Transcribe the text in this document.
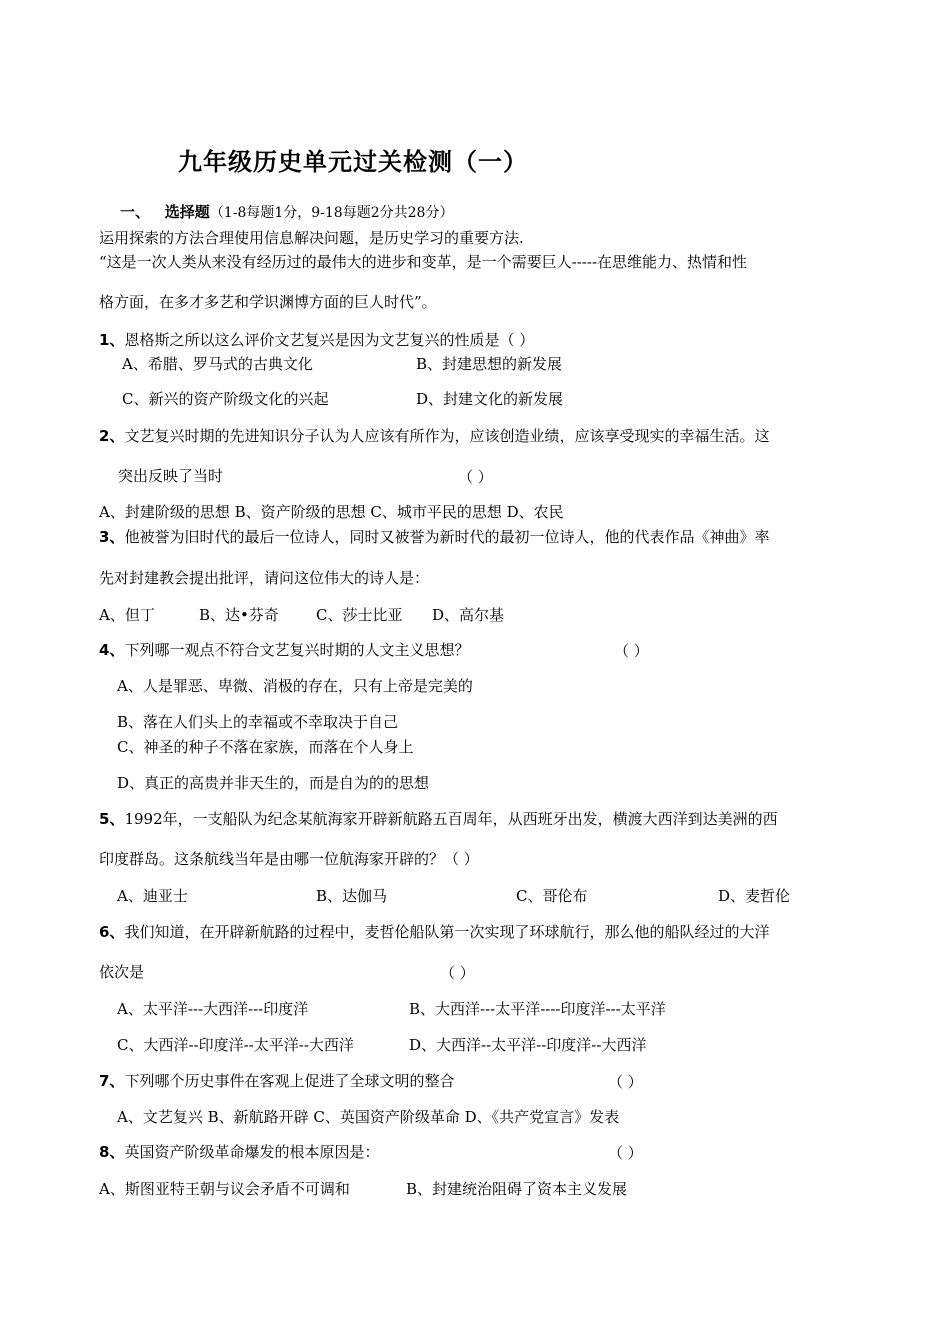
九年级历史单元过关检测（一）
一、 选择题（1-8每题1分，9-18每题2分共28分）
运用探索的方法合理使用信息解决问题，是历史学习的重要方法.
“这是一次人类从来没有经历过的最伟大的进步和变革，是一个需要巨人-----在思维能力、热情和性
格方面，在多才多艺和学识渊博方面的巨人时代”。
1、恩格斯之所以这么评价文艺复兴是因为文艺复兴的性质是（ ）
A、希腊、罗马式的古典文化	B、封建思想的新发展
C、新兴的资产阶级文化的兴起	D、封建文化的新发展
2、文艺复兴时期的先进知识分子认为人应该有所作为，应该创造业绩，应该享受现实的幸福生活。这
突出反映了当时	（ ）
A、封建阶级的思想 B、资产阶级的思想 C、城市平民的思想 D、农民
3、他被誉为旧时代的最后一位诗人，同时又被誉为新时代的最初一位诗人，他的代表作品《神曲》率
先对封建教会提出批评，请问这位伟大的诗人是：
A、但丁	B、达•芬奇 C、莎士比亚 D、高尔基
4、下列哪一观点不符合文艺复兴时期的人文主义思想？	（ ）
A、人是罪恶、卑微、消极的存在，只有上帝是完美的
B、落在人们头上的幸福或不幸取决于自己
C、神圣的种子不落在家族，而落在个人身上
D、真正的高贵并非天生的，而是自为的的思想
5、1992年，一支船队为纪念某航海家开辟新航路五百周年，从西班牙出发，横渡大西洋到达美洲的西
印度群岛。这条航线当年是由哪一位航海家开辟的？（ ）
A、迪亚士	B、达伽马	C、哥伦布	D、麦哲伦
6、我们知道，在开辟新航路的过程中，麦哲伦船队第一次实现了环球航行，那么他的船队经过的大洋
依次是	（ ）
A、太平洋---大西洋---印度洋	B、大西洋---太平洋----印度洋---太平洋
C、大西洋--印度洋--太平洋--大西洋	D、大西洋--太平洋--印度洋--大西洋
7、下列哪个历史事件在客观上促进了全球文明的整合	（ ）
A、文艺复兴 B、新航路开辟 C、英国资产阶级革命 D、《共产党宣言》发表
8、英国资产阶级革命爆发的根本原因是：	（ ）
A、斯图亚特王朝与议会矛盾不可调和	B、封建统治阻碍了资本主义发展
